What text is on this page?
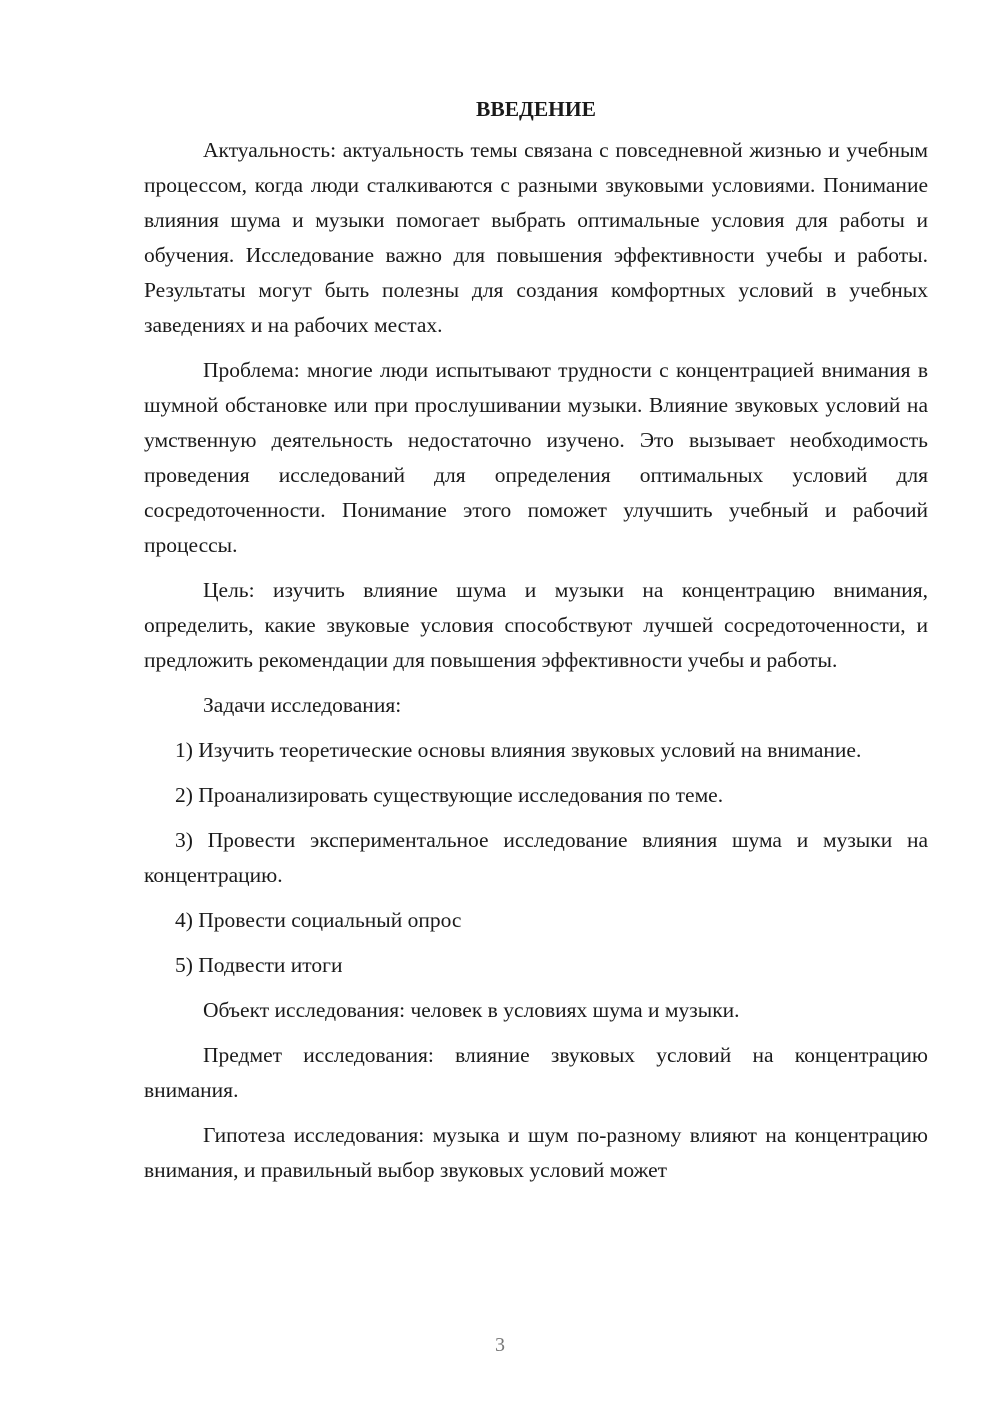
ВВЕДЕНИЕ

Актуальность: актуальность темы связана с повседневной жизнью и учебным процессом, когда люди сталкиваются с разными звуковыми условиями. Понимание влияния шума и музыки помогает выбрать оптимальные условия для работы и обучения. Исследование важно для повышения эффективности учебы и работы. Результаты могут быть полезны для создания комфортных условий в учебных заведениях и на рабочих местах.

Проблема: многие люди испытывают трудности с концентрацией внимания в шумной обстановке или при прослушивании музыки. Влияние звуковых условий на умственную деятельность недостаточно изучено. Это вызывает необходимость проведения исследований для определения оптимальных условий для сосредоточенности. Понимание этого поможет улучшить учебный и рабочий процессы.

Цель: изучить влияние шума и музыки на концентрацию внимания, определить, какие звуковые условия способствуют лучшей сосредоточенности, и предложить рекомендации для повышения эффективности учебы и работы.

Задачи исследования:

1) Изучить теоретические основы влияния звуковых условий на внимание.

2) Проанализировать существующие исследования по теме.

3) Провести экспериментальное исследование влияния шума и музыки на концентрацию.

4) Провести социальный опрос

5) Подвести итоги

Объект исследования: человек в условиях шума и музыки.

Предмет исследования: влияние звуковых условий на концентрацию внимания.

Гипотеза исследования: музыка и шум по-разному влияют на концентрацию внимания, и правильный выбор звуковых условий может

3
